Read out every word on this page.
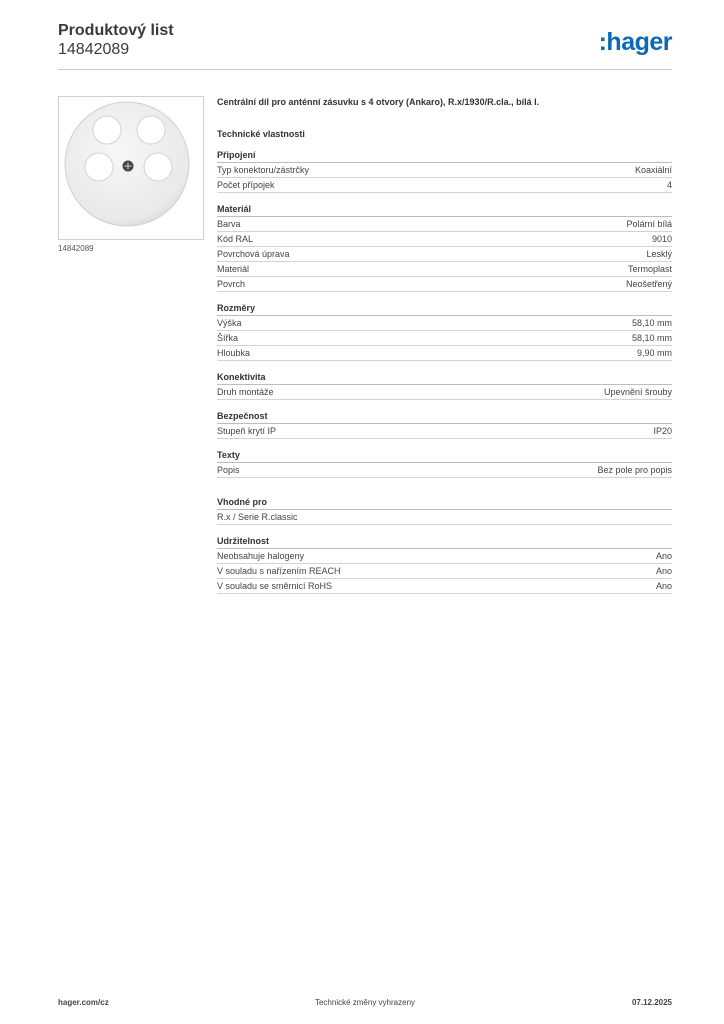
Produktový list
14842089	:hager
14842089
Centrální díl pro anténní zásuvku s 4 otvory (Ankaro), R.x/1930/R.cla., bílá l.
Technické vlastnosti
Připojení
Typ konektoru/zástrčky	Koaxiální
Počet přípojek	4
Materiál
Barva	Polární bílá
Kód RAL	9010
Povrchová úprava	Lesklý
Materiál	Termoplast
Povrch	Neošetřený
Rozměry
Výška	58,10 mm
Šířka	58,10 mm
Hloubka	9,90 mm
Konektivita
Druh montáže	Upevnění šrouby
Bezpečnost
Stupeň krytí IP	IP20
Texty
Popis	Bez pole pro popis
Vhodné pro
R.x / Serie R.classic
Udržitelnost
Neobsahuje halogeny	Ano
V souladu s nařízením REACH	Ano
V souladu se směrnicí RoHS	Ano
hager.com/cz	Technické změny vyhrazeny	07.12.2025
